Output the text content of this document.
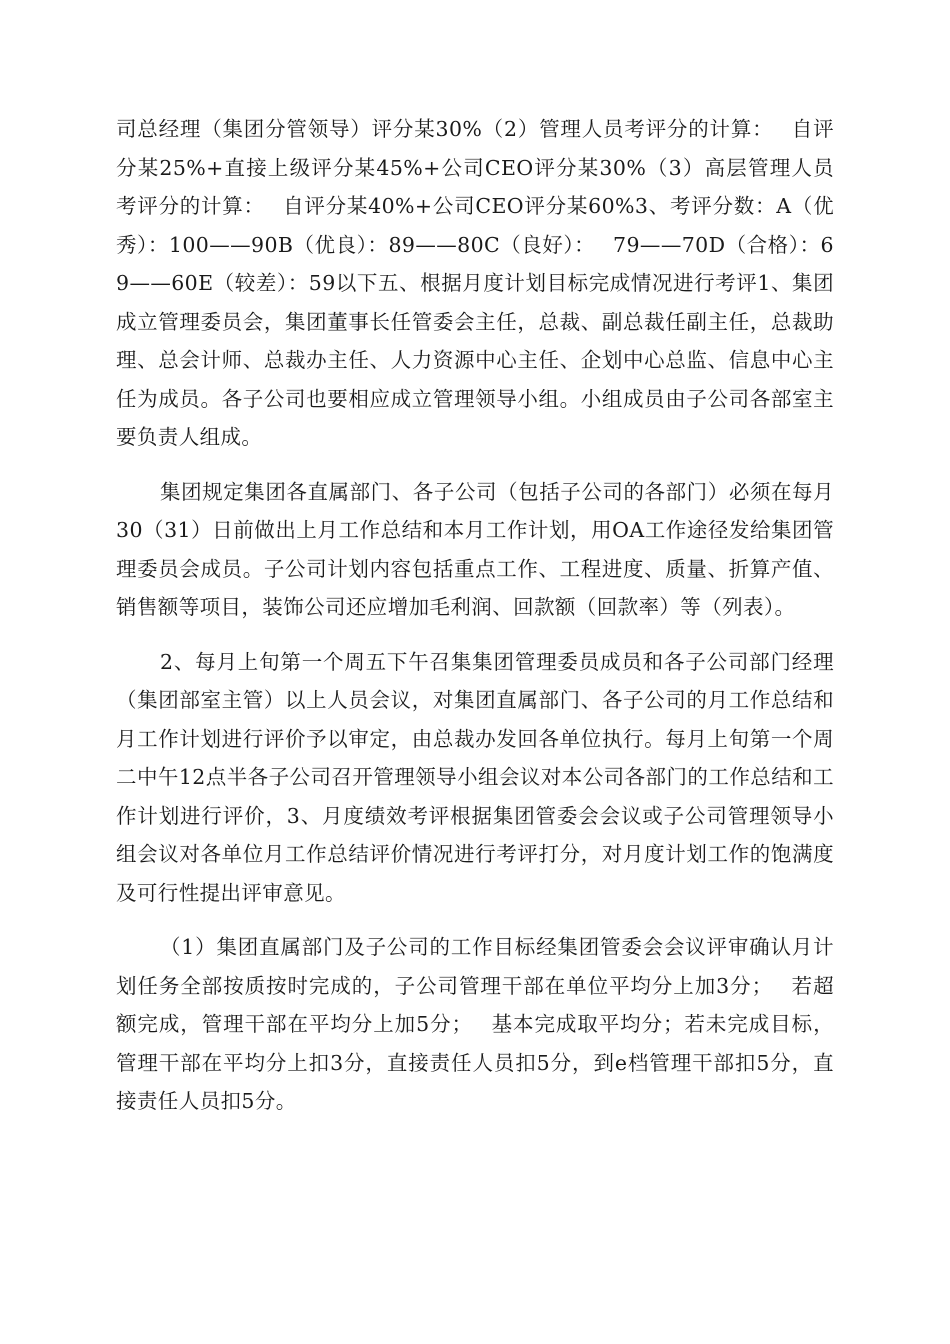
司总经理（集团分管领导）评分某30%（2）管理人员考评分的计算：　 自评分某25%+直接上级评分某45%+公司CEO评分某30%（3）高层管理人员考评分的计算：　 自评分某40%+公司CEO评分某60%3、考评分数：A（优秀）：100——90B（优良）：89——80C（良好）：　 79——70D（合格）：69——60E（较差）：59以下五、根据月度计划目标完成情况进行考评1、集团成立管理委员会，集团董事长任管委会主任，总裁、副总裁任副主任，总裁助理、总会计师、总裁办主任、人力资源中心主任、企划中心总监、信息中心主任为成员。各子公司也要相应成立管理领导小组。小组成员由子公司各部室主要负责人组成。

集团规定集团各直属部门、各子公司（包括子公司的各部门）必须在每月30（31）日前做出上月工作总结和本月工作计划，用OA工作途径发给集团管理委员会成员。子公司计划内容包括重点工作、工程进度、质量、折算产值、销售额等项目，装饰公司还应增加毛利润、回款额（回款率）等（列表）。

2、每月上旬第一个周五下午召集集团管理委员成员和各子公司部门经理（集团部室主管）以上人员会议，对集团直属部门、各子公司的月工作总结和月工作计划进行评价予以审定，由总裁办发回各单位执行。每月上旬第一个周二中午12点半各子公司召开管理领导小组会议对本公司各部门的工作总结和工作计划进行评价，3、月度绩效考评根据集团管委会会议或子公司管理领导小组会议对各单位月工作总结评价情况进行考评打分，对月度计划工作的饱满度及可行性提出评审意见。

（1）集团直属部门及子公司的工作目标经集团管委会会议评审确认月计划任务全部按质按时完成的，子公司管理干部在单位平均分上加3分；　 若超额完成，管理干部在平均分上加5分；　 基本完成取平均分；若未完成目标，管理干部在平均分上扣3分，直接责任人员扣5分，到e档管理干部扣5分，直接责任人员扣5分。
